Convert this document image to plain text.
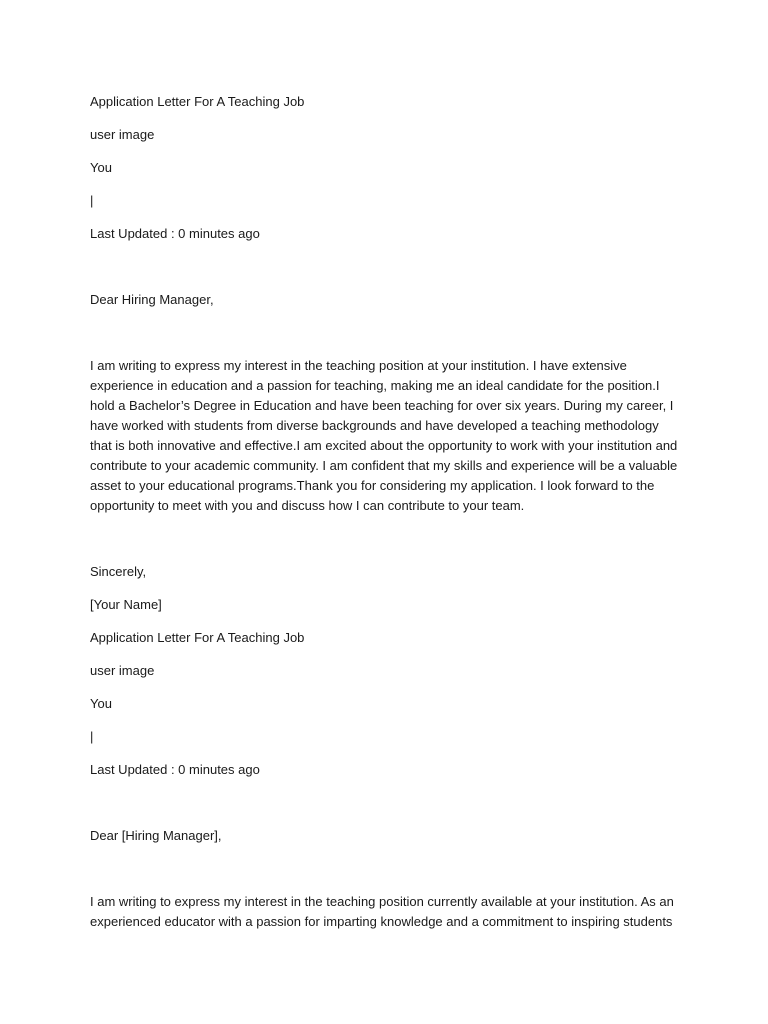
Application Letter For A Teaching Job
user image
You
|
Last Updated : 0 minutes ago
Dear Hiring Manager,

I am writing to express my interest in the teaching position at your institution. I have extensive experience in education and a passion for teaching, making me an ideal candidate for the position.I hold a Bachelor’s Degree in Education and have been teaching for over six years. During my career, I have worked with students from diverse backgrounds and have developed a teaching methodology that is both innovative and effective.I am excited about the opportunity to work with your institution and contribute to your academic community. I am confident that my skills and experience will be a valuable asset to your educational programs.Thank you for considering my application. I look forward to the opportunity to meet with you and discuss how I can contribute to your team.

Sincerely,
[Your Name]
Application Letter For A Teaching Job
user image
You
|
Last Updated : 0 minutes ago
Dear [Hiring Manager],

I am writing to express my interest in the teaching position currently available at your institution. As an experienced educator with a passion for imparting knowledge and a commitment to inspiring students
